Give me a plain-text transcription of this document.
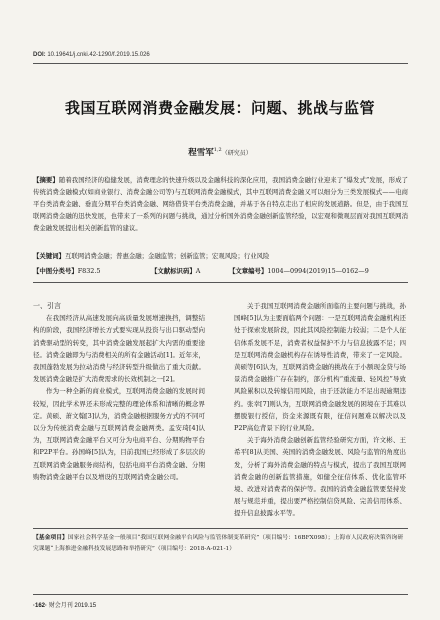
DOI: 10.19641/j.cnki.42-1290/f.2019.15.026
我国互联网消费金融发展：问题、挑战与监管
程雪军$^{1,2}$（研究员）
【摘要】随着我国经济的稳健发展，消费理念的快速升级以及金融科技的深化应用，我国消费金融行业迎来了“爆发式”发展，形成了传统消费金融模式(如商业银行、消费金融公司等)与互联网消费金融模式，其中互联网消费金融又可以细分为三类发展模式——电商平台类消费金融、垂直分期平台类消费金融、网络借贷平台类消费金融，并基于各自特点走出了相应的发展道路。但是，由于我国互联网消费金融的迅快发展，也带来了一系列的问题与挑战，通过分析国外消费金融创新监管经验，以宏观和微观层面对我国互联网消费金融发展提出相关创新监管的建议。
【关键词】互联网消费金融；普惠金融；金融监管；创新监管；宏观风险；行业风险
【中图分类号】F832.5	【文献标识码】A	【文章编号】1004—0994(2019)15—0162—9

一、引言

在我国经济从高速发展向高质量发展增速换挡，调整结构的阶段，我国经济增长方式要实现从投资与出口驱动型向消费驱动型的转变，其中消费金融发展起扩大内需的重要途径。消费金融即为与消费相关的所有金融活动[1]。近年来，我国蓬勃发展为拉动消费与经济转型升级做出了重大贡献。发展消费金融是扩大消费需求的长效机制之一[2]。

作为一种全新的商业模式，互联网消费金融的发展时间较短，因此学术界还未形成完整的理论体系和清晰的概念界定。黄硕、萧文翰[3]认为，消费金融根据服务方式的不同可以分为传统消费金融与互联网消费金融两类。孟安琦[4]认为，互联网消费金融平台又可分为电商平台、分期购物平台和P2P平台。孙国峰[5]认为，目前我国已经形成了多层次的互联网消费金融服务商结构，包括电商平台消费金融、分期购物消费金融平台以及增设的互联网消费金融公司。

关于我国互联网消费金融所面临的主要问题与挑战，孙国峰[5]认为主要面临两个问题：一是互联网消费金融机构还处于探索发展阶段，因此其风险控制能力较弱；二是个人征信体系发展不足，消费者权益保护不力与信息披露不足；四是互联网消费金融机构存在诱导性消费，带来了一定风险。黄硕等[6]认为，互联网消费金融的挑战在于小额现金贷与场景消费金融推广存在制约，部分机构“重流量、轻风控”导致风险累积以及转嫁信用风险，由于还款能力不足出现逾期违约。张幸[7]则认为，互联网消费金融发展的困境在于其难以摆脱银行授信，资金来源既有限，征信问题难以解决以及P2P高危背景下的行业风险。

关于海外消费金融创新监管经验研究方面，许文彬、王希平[8]从美国、英国的消费金融发展、风险与监管的角度出发，分析了海外消费金融的特点与模式，提出了我国互联网消费金融的创新监管措施，如健全征信体系、优化监管环境、改进对消费者的保护等。我国的消费金融监管要坚持发展与规范并重，提出要严格控制信贷风险、完善信用体系、提升信息披露水平等。

【基金项目】国家社会科学基金一般项目“我国互联网金融平台风险与监管体制变革研究”（项目编号：16BFX098）；上海市人民政府决策咨询研究课题“上海推进金融科技发展思路和举措研究”（项目编号：2018-A-021-1）
·162· 财会月刊 2019.15
